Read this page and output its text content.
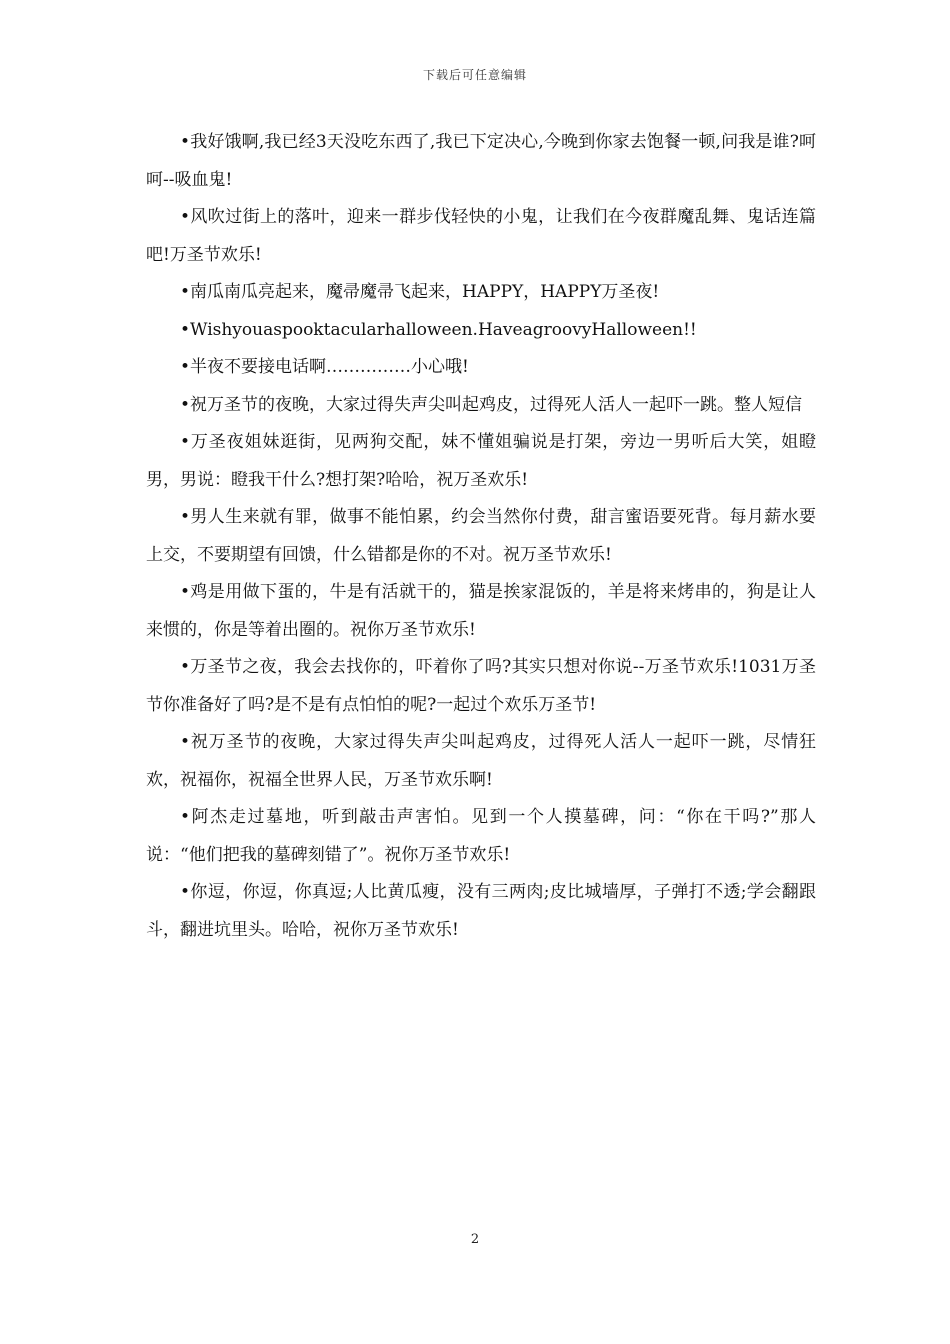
下载后可任意编辑

•我好饿啊,我已经3天没吃东西了,我已下定决心,今晚到你家去饱餐一顿,问我是谁?呵呵--吸血鬼!

•风吹过街上的落叶，迎来一群步伐轻快的小鬼，让我们在今夜群魔乱舞、鬼话连篇吧!万圣节欢乐!

•南瓜南瓜亮起来，魔帚魔帚飞起来，HAPPY，HAPPY万圣夜!

•Wishyouaspooktacularhalloween.HaveagroovyHalloween!!

•半夜不要接电话啊……………小心哦!

•祝万圣节的夜晚，大家过得失声尖叫起鸡皮，过得死人活人一起吓一跳。整人短信

•万圣夜姐妹逛街，见两狗交配，妹不懂姐骗说是打架，旁边一男听后大笑，姐瞪男，男说：瞪我干什么?想打架?哈哈，祝万圣欢乐!

•男人生来就有罪，做事不能怕累，约会当然你付费，甜言蜜语要死背。每月薪水要上交，不要期望有回馈，什么错都是你的不对。祝万圣节欢乐!

•鸡是用做下蛋的，牛是有活就干的，猫是挨家混饭的，羊是将来烤串的，狗是让人来惯的，你是等着出圈的。祝你万圣节欢乐!

•万圣节之夜，我会去找你的，吓着你了吗?其实只想对你说--万圣节欢乐!1031万圣节你准备好了吗?是不是有点怕怕的呢?一起过个欢乐万圣节!

•祝万圣节的夜晚，大家过得失声尖叫起鸡皮，过得死人活人一起吓一跳，尽情狂欢，祝福你，祝福全世界人民，万圣节欢乐啊!

•阿杰走过墓地，听到敲击声害怕。见到一个人摸墓碑，问：“你在干吗?”那人说：“他们把我的墓碑刻错了”。祝你万圣节欢乐!

•你逗，你逗，你真逗;人比黄瓜瘦，没有三两肉;皮比城墙厚，子弹打不透;学会翻跟斗，翻进坑里头。哈哈，祝你万圣节欢乐!

2
